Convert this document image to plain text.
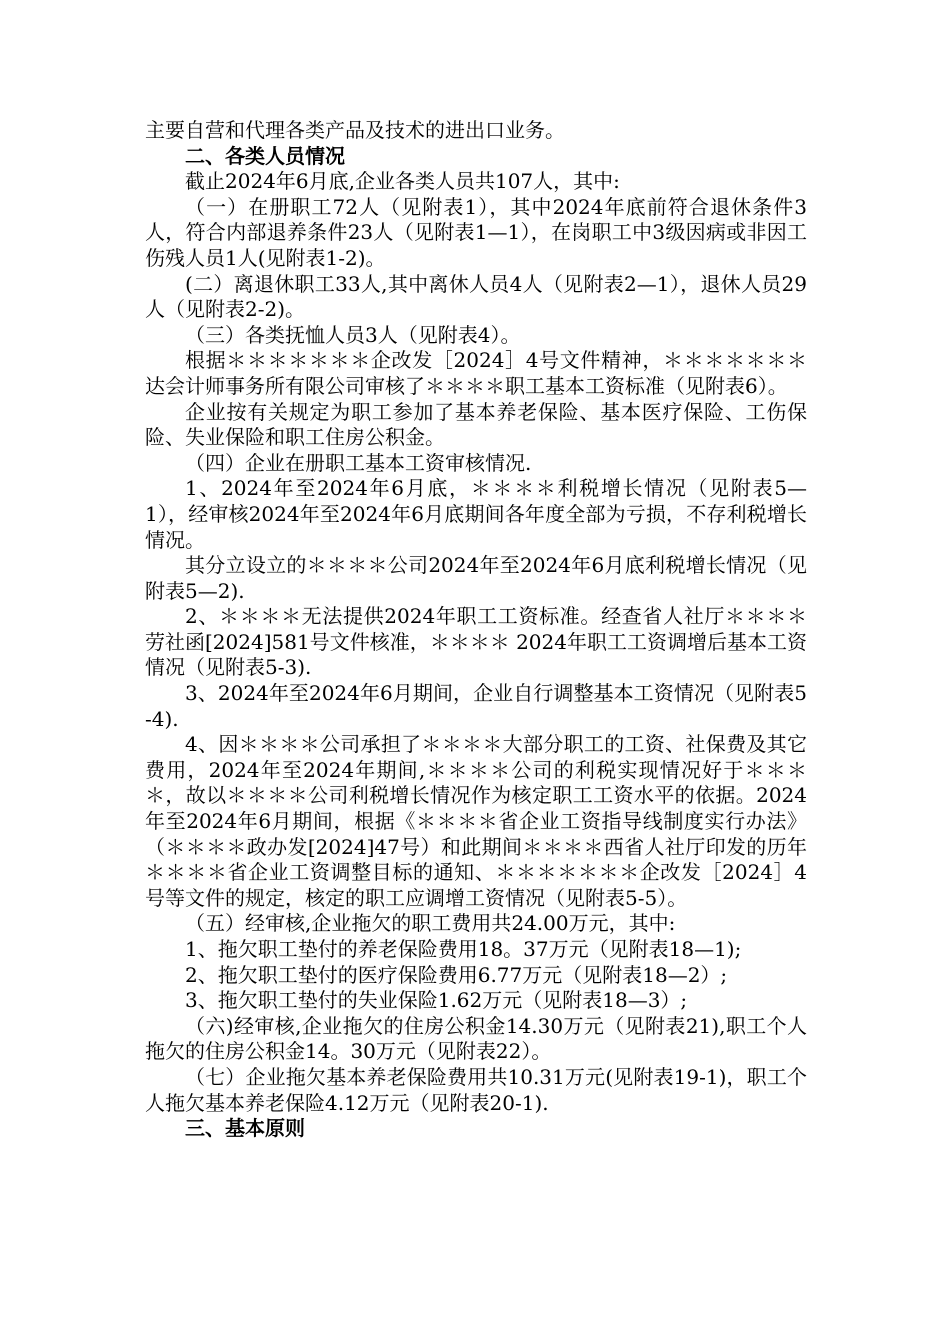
主要自营和代理各类产品及技术的进出口业务。

二、各类人员情况

截止2024年6月底,企业各类人员共107人，其中:

（一）在册职工72人（见附表1），其中2024年底前符合退休条件3人，符合内部退养条件23人（见附表1—1），在岗职工中3级因病或非因工伤残人员1人(见附表1-2)。

(二）离退休职工33人,其中离休人员4人（见附表2—1），退休人员29人（见附表2-2)。

（三）各类抚恤人员3人（见附表4）。

根据＊＊＊＊＊＊＊企改发［2024］4号文件精神，＊＊＊＊＊＊＊达会计师事务所有限公司审核了＊＊＊＊职工基本工资标准（见附表6）。

企业按有关规定为职工参加了基本养老保险、基本医疗保险、工伤保险、失业保险和职工住房公积金。

（四）企业在册职工基本工资审核情况.

1、2024年至2024年6月底，＊＊＊＊利税增长情况（见附表5—1），经审核2024年至2024年6月底期间各年度全部为亏损，不存利税增长情况。

其分立设立的＊＊＊＊公司2024年至2024年6月底利税增长情况（见附表5—2).

2、＊＊＊＊无法提供2024年职工工资标准。经查省人社厅＊＊＊＊劳社函[2024]581号文件核准，＊＊＊＊ 2024年职工工资调增后基本工资情况（见附表5-3).

3、2024年至2024年6月期间，企业自行调整基本工资情况（见附表5-4).

4、因＊＊＊＊公司承担了＊＊＊＊大部分职工的工资、社保费及其它费用，2024年至2024年期间,＊＊＊＊公司的利税实现情况好于＊＊＊＊，故以＊＊＊＊公司利税增长情况作为核定职工工资水平的依据。2024年至2024年6月期间，根据《＊＊＊＊省企业工资指导线制度实行办法》（＊＊＊＊政办发[2024]47号）和此期间＊＊＊＊西省人社厅印发的历年＊＊＊＊省企业工资调整目标的通知、＊＊＊＊＊＊＊企改发［2024］4号等文件的规定，核定的职工应调增工资情况（见附表5-5）。

（五）经审核,企业拖欠的职工费用共24.00万元，其中:

1、拖欠职工垫付的养老保险费用18。37万元（见附表18—1);

2、拖欠职工垫付的医疗保险费用6.77万元（见附表18—2）;

3、拖欠职工垫付的失业保险1.62万元（见附表18—3）;

（六)经审核,企业拖欠的住房公积金14.30万元（见附表21),职工个人拖欠的住房公积金14。30万元（见附表22）。

（七）企业拖欠基本养老保险费用共10.31万元(见附表19-1)，职工个人拖欠基本养老保险4.12万元（见附表20-1).

三、基本原则
